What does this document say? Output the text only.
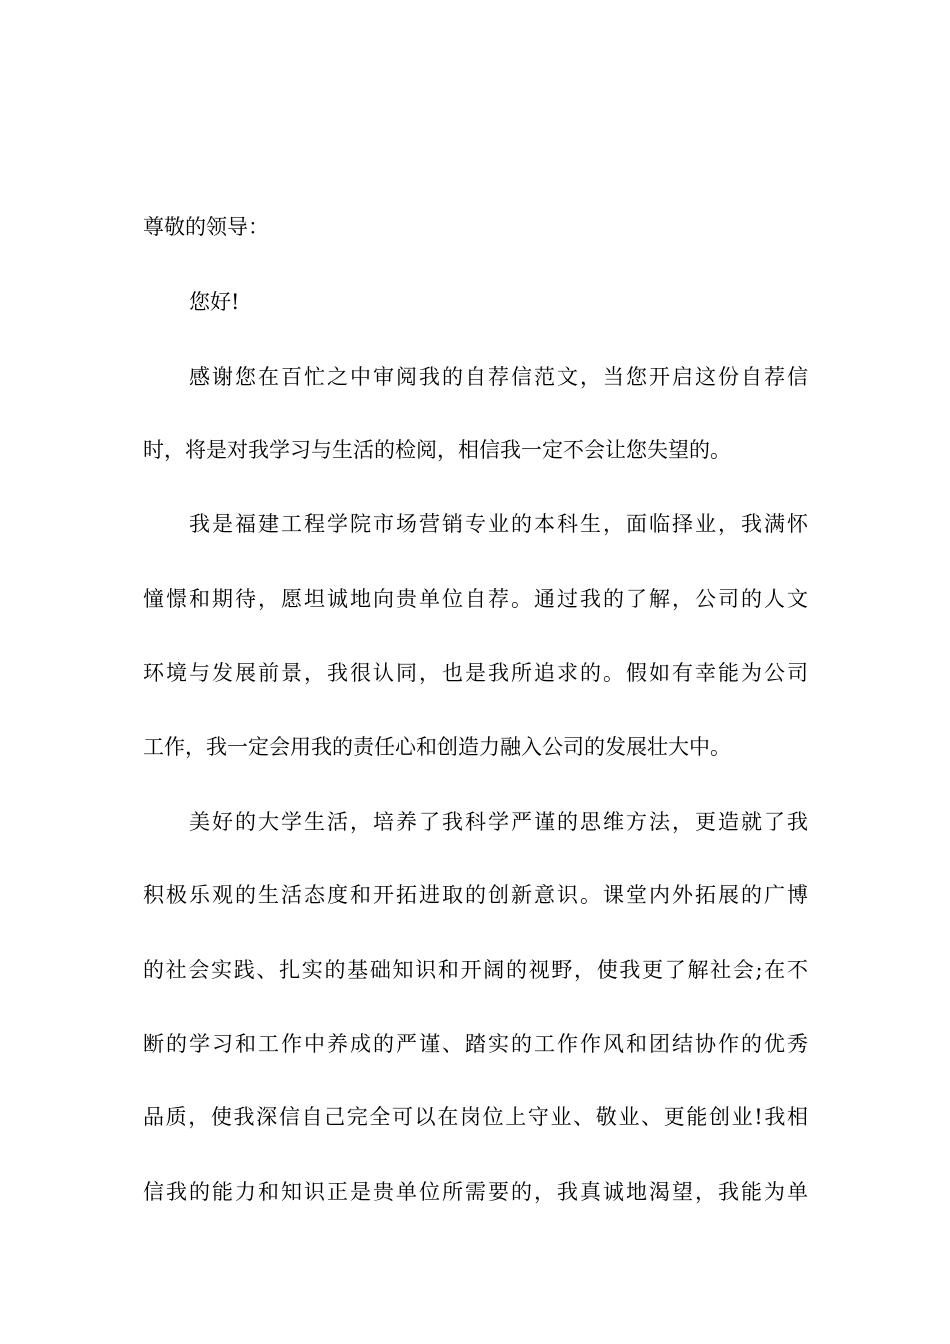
尊敬的领导：

您好!

感谢您在百忙之中审阅我的自荐信范文，当您开启这份自荐信

时，将是对我学习与生活的检阅，相信我一定不会让您失望的。

我是福建工程学院市场营销专业的本科生，面临择业，我满怀

憧憬和期待，愿坦诚地向贵单位自荐。通过我的了解，公司的人文

环境与发展前景，我很认同，也是我所追求的。假如有幸能为公司

工作，我一定会用我的责任心和创造力融入公司的发展壮大中。

美好的大学生活，培养了我科学严谨的思维方法，更造就了我

积极乐观的生活态度和开拓进取的创新意识。课堂内外拓展的广博

的社会实践、扎实的基础知识和开阔的视野，使我更了解社会;在不

断的学习和工作中养成的严谨、踏实的工作作风和团结协作的优秀

品质，使我深信自己完全可以在岗位上守业、敬业、更能创业!我相

信我的能力和知识正是贵单位所需要的，我真诚地渴望，我能为单
